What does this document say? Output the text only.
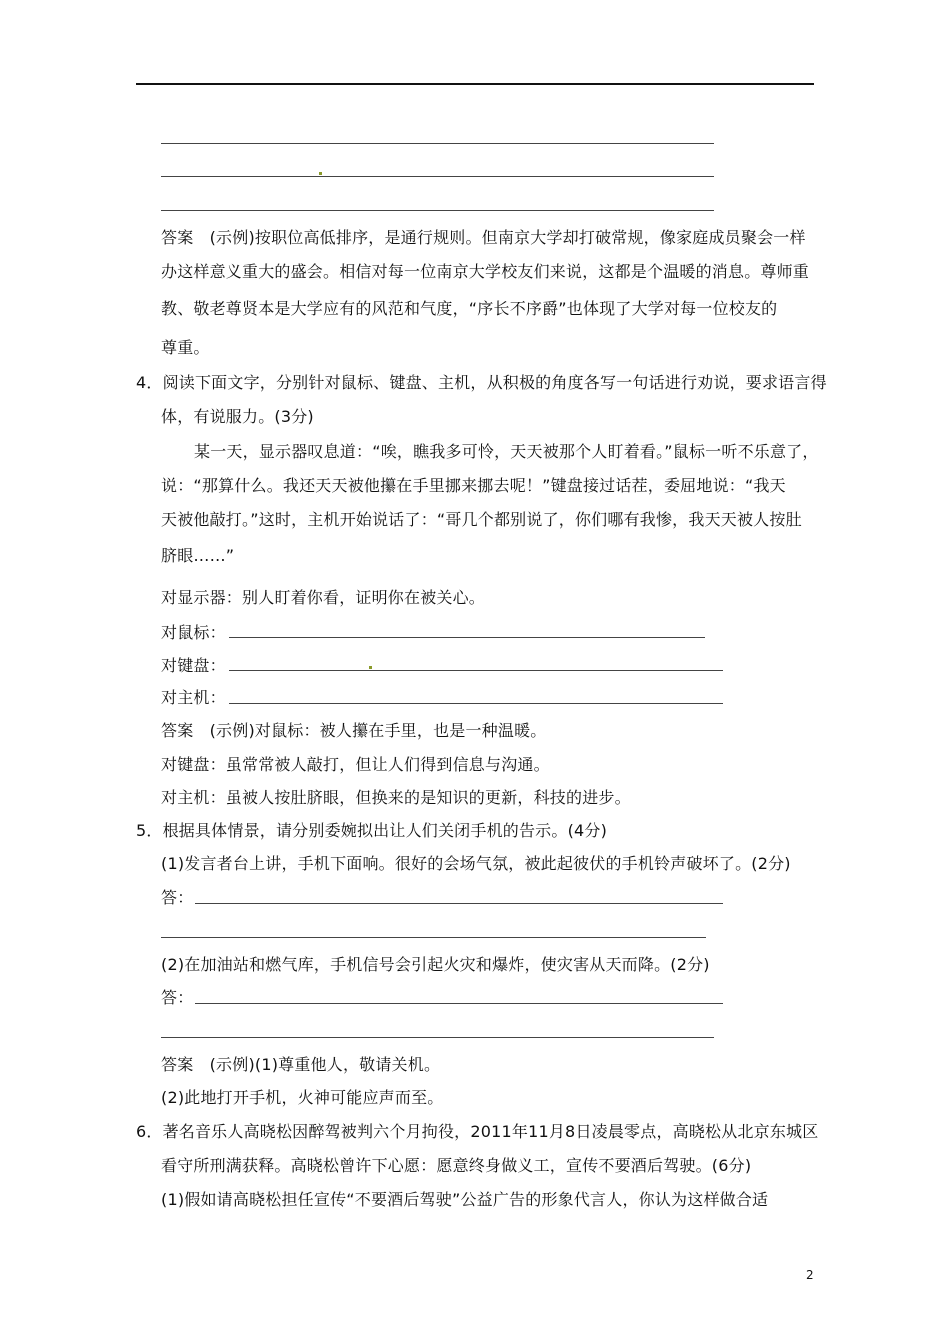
答案　(示例)按职位高低排序，是通行规则。但南京大学却打破常规，像家庭成员聚会一样
办这样意义重大的盛会。相信对每一位南京大学校友们来说，这都是个温暖的消息。尊师重
教、敬老尊贤本是大学应有的风范和气度，“序长不序爵”也体现了大学对每一位校友的
尊重。
4．阅读下面文字，分别针对鼠标、键盘、主机，从积极的角度各写一句话进行劝说，要求语言得
体，有说服力。(3分)
某一天，显示器叹息道：“唉，瞧我多可怜，天天被那个人盯着看。”鼠标一听不乐意了，
说：“那算什么。我还天天被他攥在手里挪来挪去呢！”键盘接过话茬，委屈地说：“我天
天被他敲打。”这时，主机开始说话了：“哥几个都别说了，你们哪有我惨，我天天被人按肚
脐眼……”
对显示器：别人盯着你看，证明你在被关心。
对鼠标：
对键盘：
对主机：
答案　(示例)对鼠标：被人攥在手里，也是一种温暖。
对键盘：虽常常被人敲打，但让人们得到信息与沟通。
对主机：虽被人按肚脐眼，但换来的是知识的更新，科技的进步。
5．根据具体情景，请分别委婉拟出让人们关闭手机的告示。(4分)
(1)发言者台上讲，手机下面响。很好的会场气氛，被此起彼伏的手机铃声破坏了。(2分)
答：
(2)在加油站和燃气库，手机信号会引起火灾和爆炸，使灾害从天而降。(2分)
答：
答案　(示例)(1)尊重他人，敬请关机。
(2)此地打开手机，火神可能应声而至。
6．著名音乐人高晓松因醉驾被判六个月拘役，2011年11月8日凌晨零点，高晓松从北京东城区
看守所刑满获释。高晓松曾许下心愿：愿意终身做义工，宣传不要酒后驾驶。(6分)
(1)假如请高晓松担任宣传“不要酒后驾驶”公益广告的形象代言人，你认为这样做合适
2
